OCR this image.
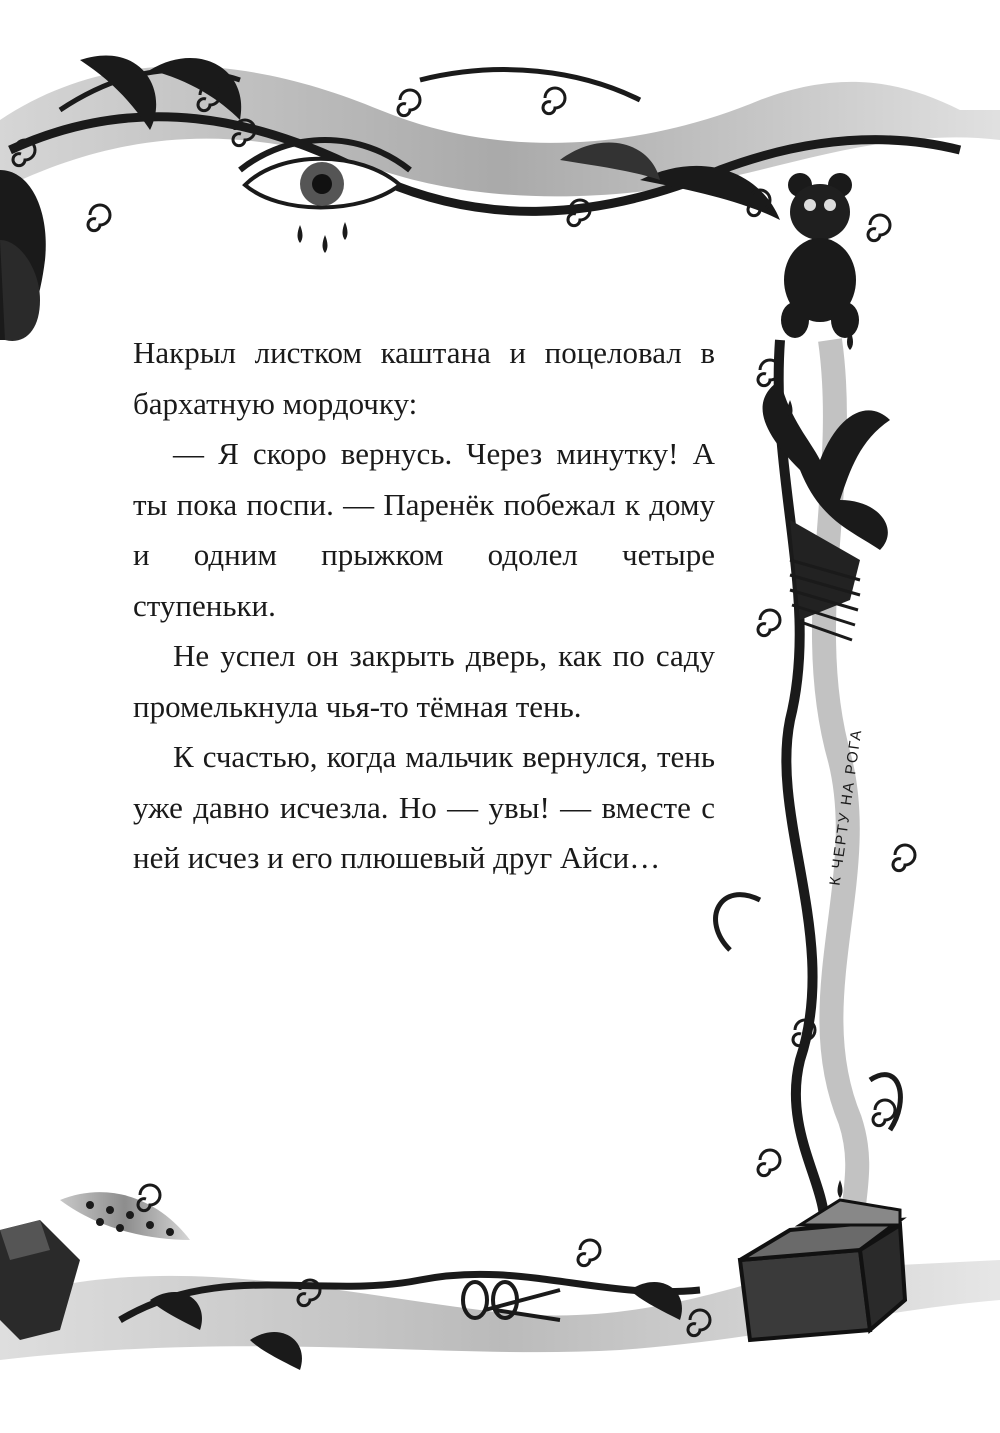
Накрыл листком каштана и поцеловал в бархатную мордочку:

— Я скоро вернусь. Через минутку! А ты пока поспи. — Паренёк побежал к дому и одним прыжком одолел четыре ступеньки.

Не успел он закрыть дверь, как по саду промелькнула чья-то тёмная тень.

К счастью, когда мальчик вернулся, тень уже давно исчезла. Но — увы! — вместе с ней исчез и его плюшевый друг Айси…	К ЧЕРТУ НА РОГА
